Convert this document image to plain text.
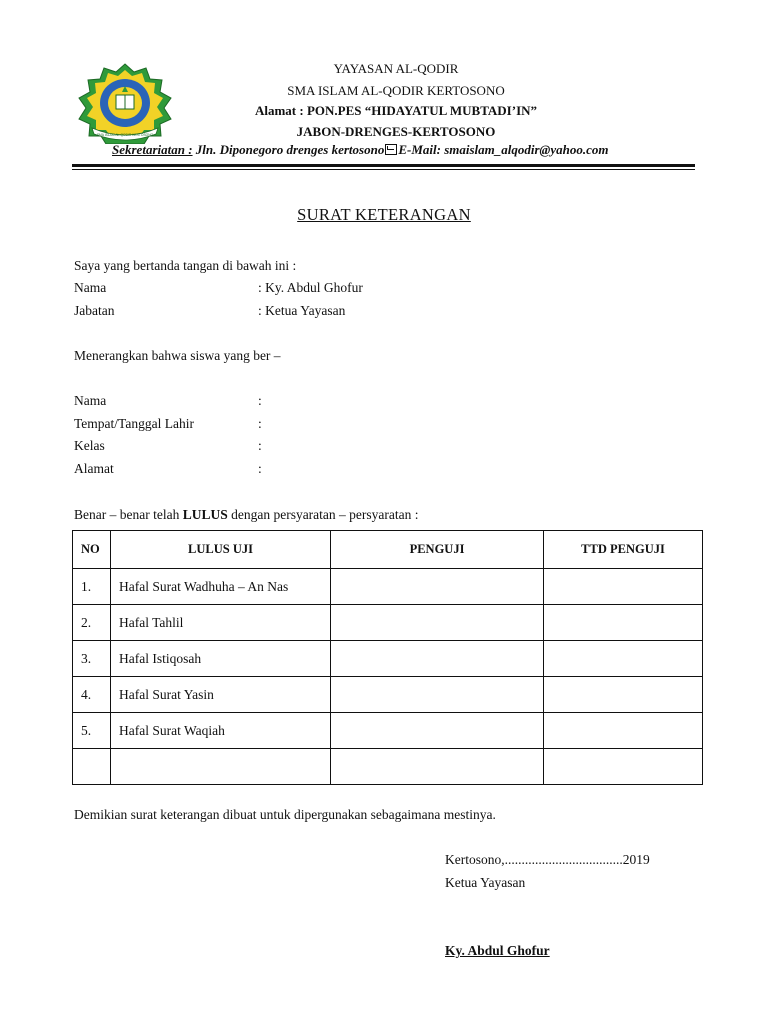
SMA ISLAM AL-QODIR KERTOSONO
YAYASAN AL-QODIR
SMA ISLAM AL-QODIR KERTOSONO
Alamat : PON.PES “HIDAYATUL MUBTADI’IN”
JABON-DRENGES-KERTOSONO
Sekretariatan : Jln. Diponegoro drenges kertosono E-Mail: smaislam_alqodir@yahoo.com
SURAT KETERANGAN
Saya yang bertanda tangan di bawah ini :
Nama	: Ky. Abdul Ghofur
Jabatan	: Ketua Yayasan
Menerangkan bahwa siswa yang ber –
Nama	:
Tempat/Tanggal Lahir	:
Kelas	:
Alamat	:
Benar – benar telah LULUS dengan persyaratan – persyaratan :
NO	LULUS UJI	PENGUJI	TTD PENGUJI
1.	Hafal Surat Wadhuha – An Nas		
2.	Hafal Tahlil		
3.	Hafal Istiqosah		
4.	Hafal Surat Yasin		
5.	Hafal Surat Waqiah		

Demikian surat keterangan dibuat untuk dipergunakan sebagaimana mestinya.
Kertosono,...................................2019
Ketua Yayasan
Ky. Abdul Ghofur
